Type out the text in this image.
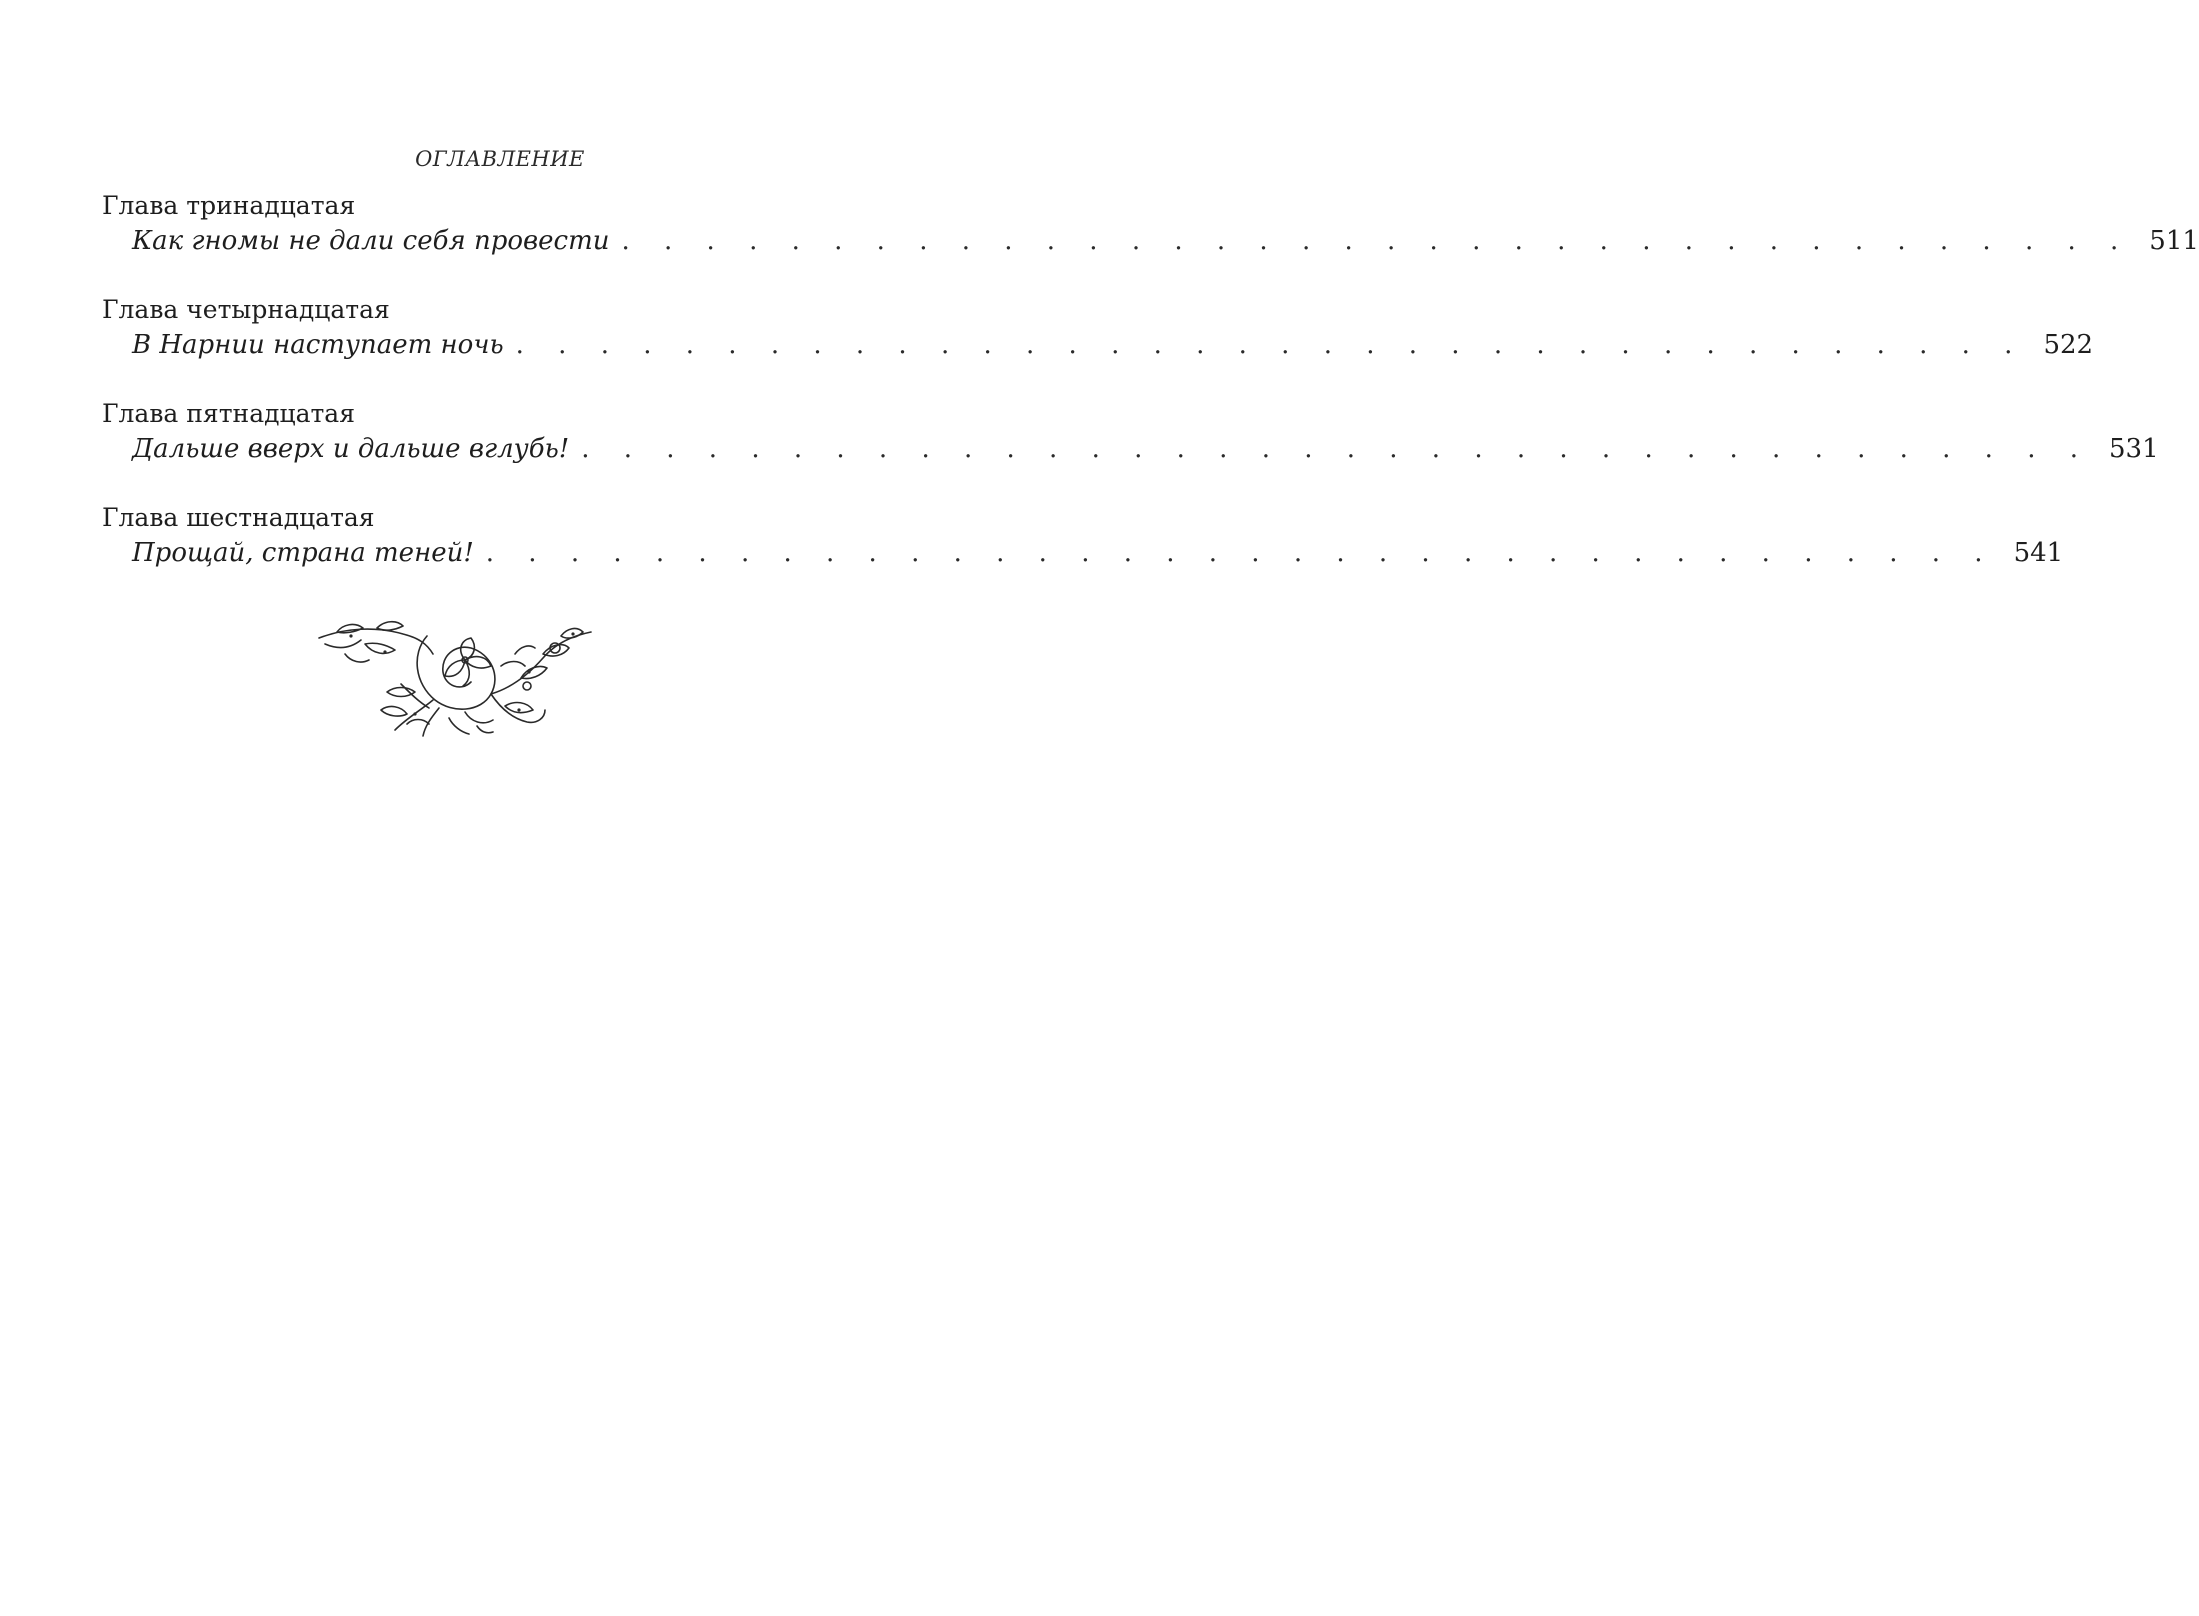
ОГЛАВЛЕНИЕ
Глава тринадцатая
Как гномы не дали себя провести . . . . . . . . . . . . . . . . . . . . . . . . . . . . . . . . . . . . 511
Глава четырнадцатая
В Нарнии наступает ночь . . . . . . . . . . . . . . . . . . . . . . . . . . . . . . . . . . . . 522
Глава пятнадцатая
Дальше вверх и дальше вглубь! . . . . . . . . . . . . . . . . . . . . . . . . . . . . . . . . . . . . 531
Глава шестнадцатая
Прощай, страна теней! . . . . . . . . . . . . . . . . . . . . . . . . . . . . . . . . . . . . 541
